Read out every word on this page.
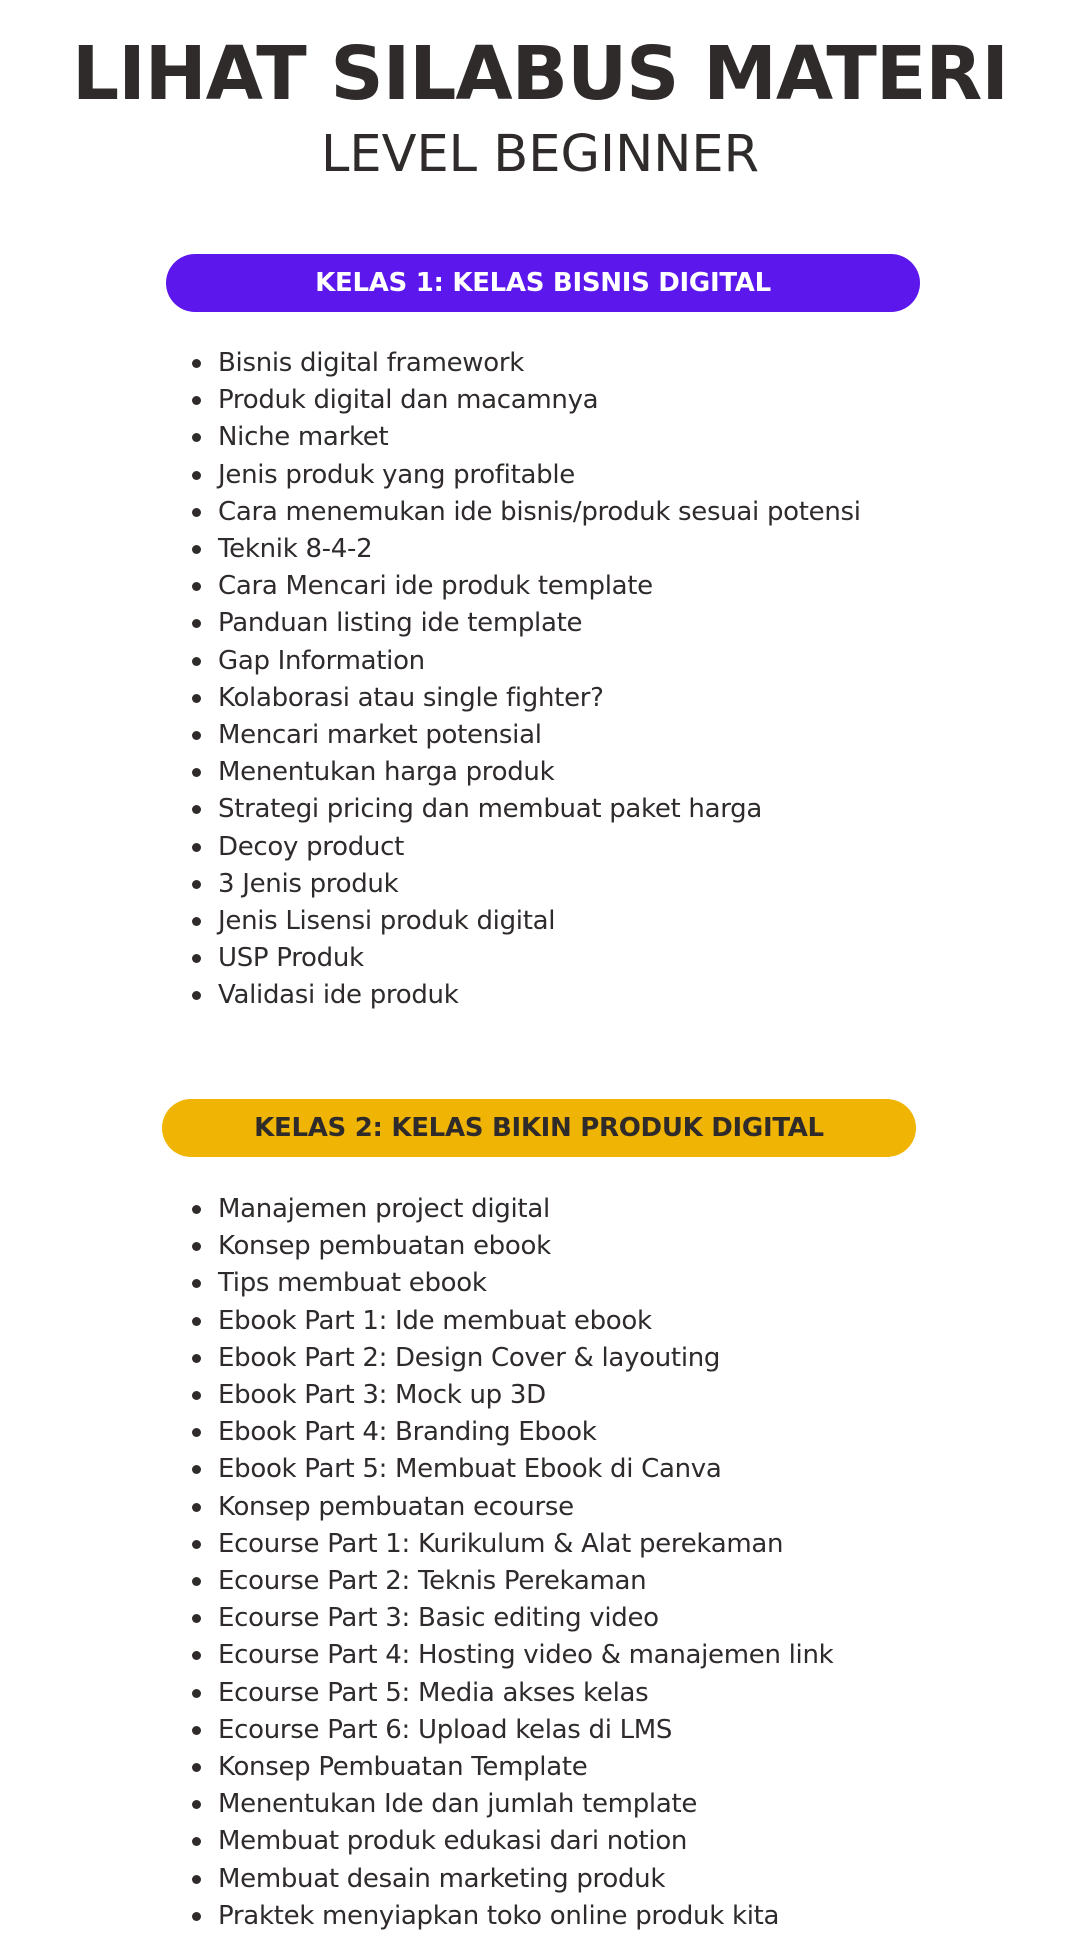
LIHAT SILABUS MATERI
LEVEL BEGINNER
KELAS 1: KELAS BISNIS DIGITAL
Bisnis digital framework
Produk digital dan macamnya
Niche market
Jenis produk yang profitable
Cara menemukan ide bisnis/produk sesuai potensi
Teknik 8-4-2
Cara Mencari ide produk template
Panduan listing ide template
Gap Information
Kolaborasi atau single fighter?
Mencari market potensial
Menentukan harga produk
Strategi pricing dan membuat paket harga
Decoy product
3 Jenis produk
Jenis Lisensi produk digital
USP Produk
Validasi ide produk
KELAS 2: KELAS BIKIN PRODUK DIGITAL
Manajemen project digital
Konsep pembuatan ebook
Tips membuat ebook
Ebook Part 1: Ide membuat ebook
Ebook Part 2: Design Cover & layouting
Ebook Part 3: Mock up 3D
Ebook Part 4: Branding Ebook
Ebook Part 5: Membuat Ebook di Canva
Konsep pembuatan ecourse
Ecourse Part 1: Kurikulum & Alat perekaman
Ecourse Part 2: Teknis Perekaman
Ecourse Part 3: Basic editing video
Ecourse Part 4: Hosting video & manajemen link
Ecourse Part 5: Media akses kelas
Ecourse Part 6: Upload kelas di LMS
Konsep Pembuatan Template
Menentukan Ide dan jumlah template
Membuat produk edukasi dari notion
Membuat desain marketing produk
Praktek menyiapkan toko online produk kita
